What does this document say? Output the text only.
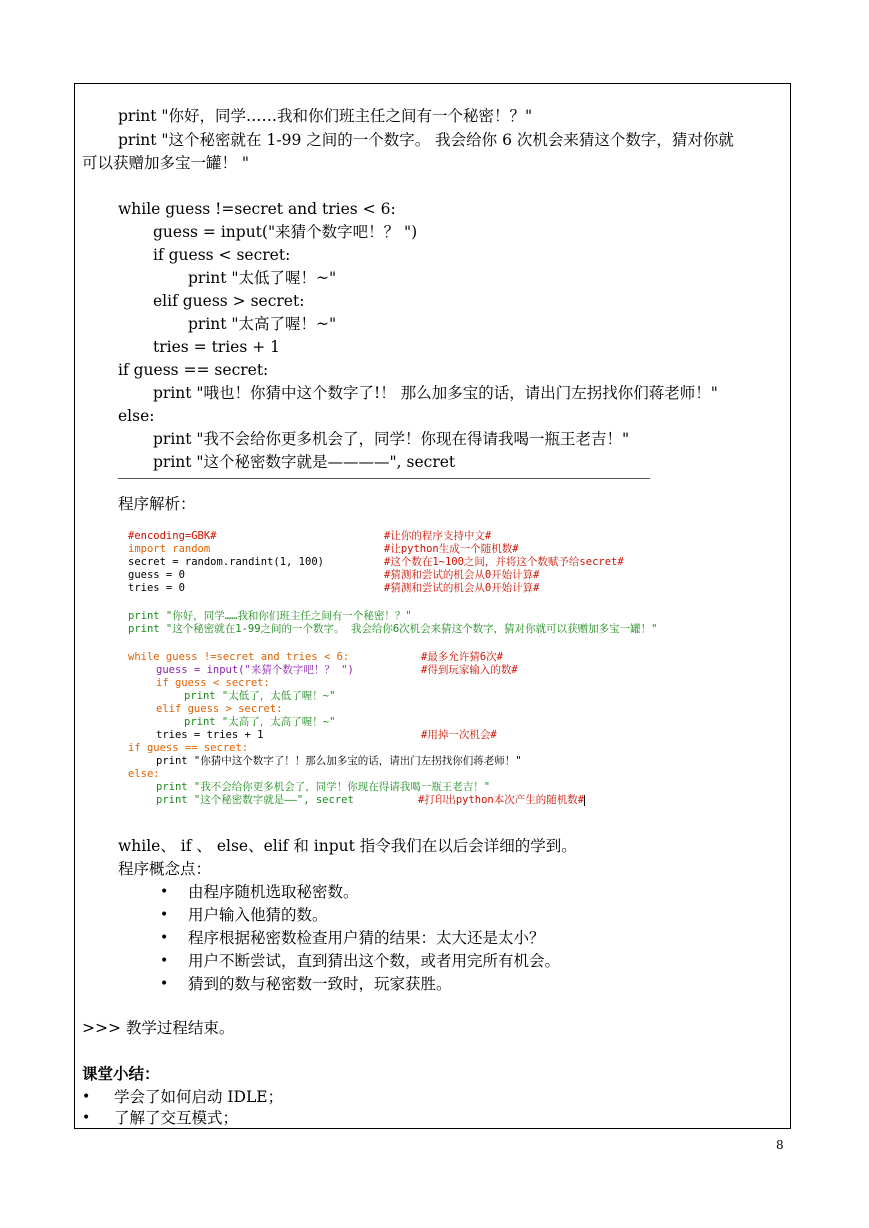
print "你好，同学……我和你们班主任之间有一个秘密！？"
print "这个秘密就在 1-99 之间的一个数字。 我会给你 6 次机会来猜这个数字，猜对你就
可以获赠加多宝一罐！ "
while guess !=secret and tries < 6:
guess = input("来猜个数字吧！？ ")
if guess < secret:
print "太低了喔！~"
elif guess > secret:
print "太高了喔！~"
tries = tries + 1
if guess == secret:
print "哦也！你猜中这个数字了!！ 那么加多宝的话，请出门左拐找你们蒋老师！"
else:
print "我不会给你更多机会了，同学！你现在得请我喝一瓶王老吉！"
print "这个秘密数字就是————", secret
程序解析：
#encoding=GBK#	#让你的程序支持中文#
import random	#让python生成一个随机数#
secret = random.randint(1, 100)	#这个数在1~100之间，并将这个数赋予给secret#
guess = 0	#猜测和尝试的机会从0开始计算#
tries = 0	#猜测和尝试的机会从0开始计算#
print "你好，同学……我和你们班主任之间有一个秘密！？"
print "这个秘密就在1-99之间的一个数字。 我会给你6次机会来猜这个数字，猜对你就可以获赠加多宝一罐！"
while guess !=secret and tries < 6:	#最多允许猜6次#
guess = input("来猜个数字吧！？ ")	#得到玩家输入的数#
if guess < secret:
print "太低了，太低了喔！~"
elif guess > secret:
print "太高了，太高了喔！~"
tries = tries + 1	#用掉一次机会#
if guess == secret:
print "你猜中这个数字了！！那么加多宝的话，请出门左拐找你们蒋老师！"
else:
print "我不会给你更多机会了，同学！你现在得请我喝一瓶王老吉！"
print "这个秘密数字就是——", secret	#打印出python本次产生的随机数#
while、 if 、 else、elif 和 input 指令我们在以后会详细的学到。
程序概念点：
• 由程序随机选取秘密数。
• 用户输入他猜的数。
• 程序根据秘密数检查用户猜的结果：太大还是太小？
• 用户不断尝试，直到猜出这个数，或者用完所有机会。
• 猜到的数与秘密数一致时，玩家获胜。
>>> 教学过程结束。
课堂小结：
• 学会了如何启动 IDLE；
• 了解了交互模式；
8
